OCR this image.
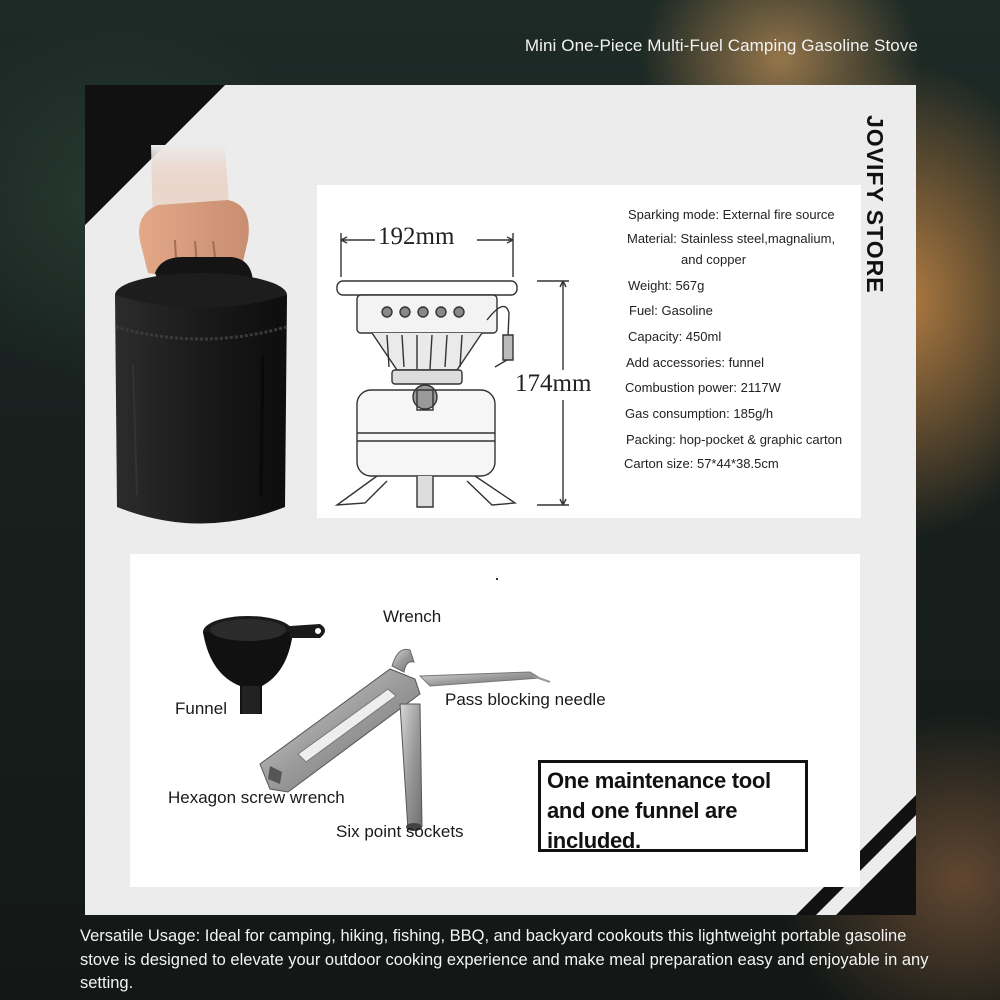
Mini One-Piece Multi-Fuel Camping Gasoline Stove
JOVIFY STORE
192mm
174mm
Sparking mode: External fire source
Material: Stainless steel,magnalium,
and copper
Weight: 567g
Fuel: Gasoline
Capacity: 450ml
Add accessories: funnel
Combustion power: 2117W
Gas consumption: 185g/h
Packing: hop-pocket & graphic carton
Carton size: 57*44*38.5cm
Wrench
Funnel	Pass blocking needle
Hexagon screw wrench
Six point sockets
One maintenance tool and one funnel are included.
Versatile Usage: Ideal for camping, hiking, fishing, BBQ, and backyard cookouts this lightweight portable gasoline stove is designed to elevate your outdoor cooking experience and make meal preparation easy and enjoyable in any setting.
